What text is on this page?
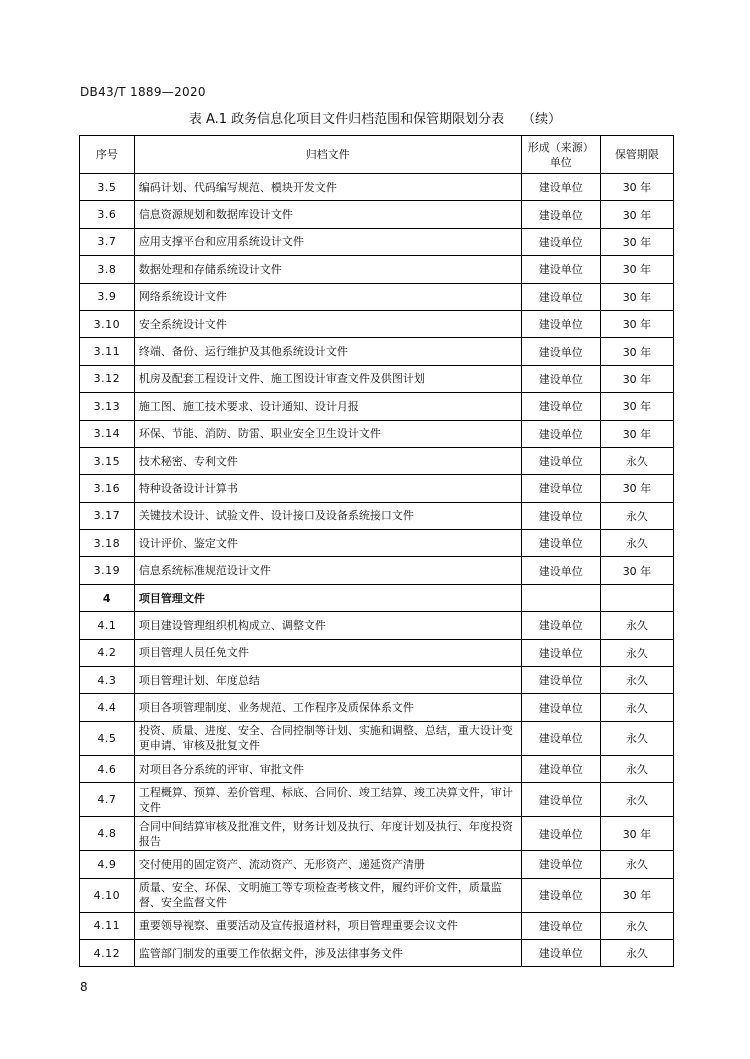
DB43/T 1889—2020
表 A.1 政务信息化项目文件归档范围和保管期限划分表 （续）
序号	归档文件	形成（来源）单位	保管期限
3.5	编码计划、代码编写规范、模块开发文件	建设单位	30 年
3.6	信息资源规划和数据库设计文件	建设单位	30 年
3.7	应用支撑平台和应用系统设计文件	建设单位	30 年
3.8	数据处理和存储系统设计文件	建设单位	30 年
3.9	网络系统设计文件	建设单位	30 年
3.10	安全系统设计文件	建设单位	30 年
3.11	终端、备份、运行维护及其他系统设计文件	建设单位	30 年
3.12	机房及配套工程设计文件、施工图设计审查文件及供图计划	建设单位	30 年
3.13	施工图、施工技术要求、设计通知、设计月报	建设单位	30 年
3.14	环保、节能、消防、防雷、职业安全卫生设计文件	建设单位	30 年
3.15	技术秘密、专利文件	建设单位	永久
3.16	特种设备设计计算书	建设单位	30 年
3.17	关键技术设计、试验文件、设计接口及设备系统接口文件	建设单位	永久
3.18	设计评价、鉴定文件	建设单位	永久
3.19	信息系统标准规范设计文件	建设单位	30 年
4	项目管理文件		
4.1	项目建设管理组织机构成立、调整文件	建设单位	永久
4.2	项目管理人员任免文件	建设单位	永久
4.3	项目管理计划、年度总结	建设单位	永久
4.4	项目各项管理制度、业务规范、工作程序及质保体系文件	建设单位	永久
4.5	投资、质量、进度、安全、合同控制等计划、实施和调整、总结，重大设计变更申请、审核及批复文件	建设单位	永久
4.6	对项目各分系统的评审、审批文件	建设单位	永久
4.7	工程概算、预算、差价管理、标底、合同价、竣工结算、竣工决算文件，审计文件	建设单位	永久
4.8	合同中间结算审核及批准文件，财务计划及执行、年度计划及执行、年度投资报告	建设单位	30 年
4.9	交付使用的固定资产、流动资产、无形资产、递延资产清册	建设单位	永久
4.10	质量、安全、环保、文明施工等专项检查考核文件，履约评价文件，质量监督、安全监督文件	建设单位	30 年
4.11	重要领导视察、重要活动及宣传报道材料，项目管理重要会议文件	建设单位	永久
4.12	监管部门制发的重要工作依据文件，涉及法律事务文件	建设单位	永久
8
